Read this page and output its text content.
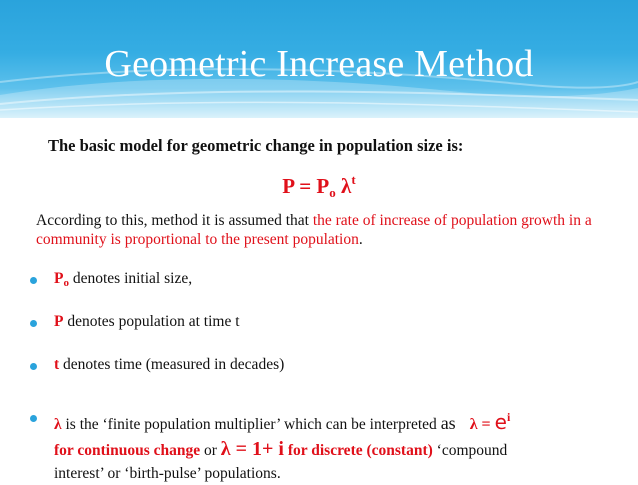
Geometric Increase Method
The basic model for geometric change in population size is:
$P = P_o$ $\lambda^t$
According to this, method it is assumed that the rate of increase of population growth in a community is proportional to the present population.
$P_o$ denotes initial size,
P denotes population at time t
t denotes time (measured in decades)
λ is the ‘finite population multiplier’ which can be interpreted as $\lambda = e^i$
for continuous change or λ = 1+ i for discrete (constant) ‘compound
interest’ or ‘birth-pulse’ populations.
